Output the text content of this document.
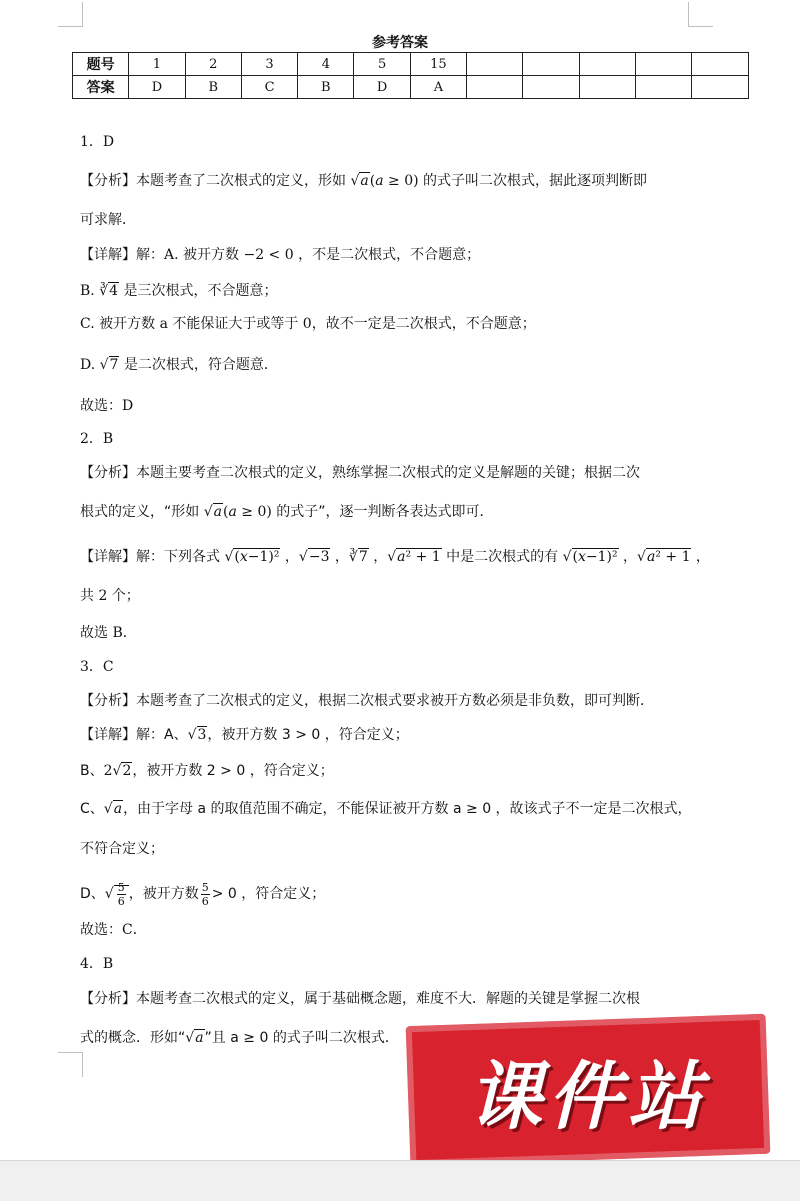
参考答案
题号	1	2	3	4	5	15					
答案	D	B	C	B	D	A					
1．D
【分析】本题考查了二次根式的定义，形如 √a(a ≥ 0) 的式子叫二次根式，据此逐项判断即
可求解．
【详解】解：A. 被开方数 −2 < 0 ，不是二次根式，不合题意；
B. ∛4 是三次根式，不合题意；
C. 被开方数 a 不能保证大于或等于 0，故不一定是二次根式，不合题意；
D. √7 是二次根式，符合题意．
故选：D
2．B
【分析】本题主要考查二次根式的定义，熟练掌握二次根式的定义是解题的关键；根据二次
根式的定义，“形如 √a(a ≥ 0) 的式子”，逐一判断各表达式即可．
【详解】解：下列各式 √(x−1)² ，√−3 ，∛7 ，√a² + 1 中是二次根式的有 √(x−1)² ，√a² + 1 ，
共 2 个；
故选 B．
3．C
【分析】本题考查了二次根式的定义，根据二次根式要求被开方数必须是非负数，即可判断．
【详解】解：A、√3，被开方数 3 > 0 ，符合定义；
B、2√2，被开方数 2 > 0 ，符合定义；
C、√a，由于字母 a 的取值范围不确定，不能保证被开方数 a ≥ 0 ，故该式子不一定是二次根式，
不符合定义；
D、√ $\frac{5}{6}$ ，被开方数 $\frac{5}{6} > 0$ ，符合定义；
故选：C．
4．B
【分析】本题考查二次根式的定义，属于基础概念题，难度不大．解题的关键是掌握二次根
式的概念．形如“√a”且 a ≥ 0 的式子叫二次根式．
课件站
